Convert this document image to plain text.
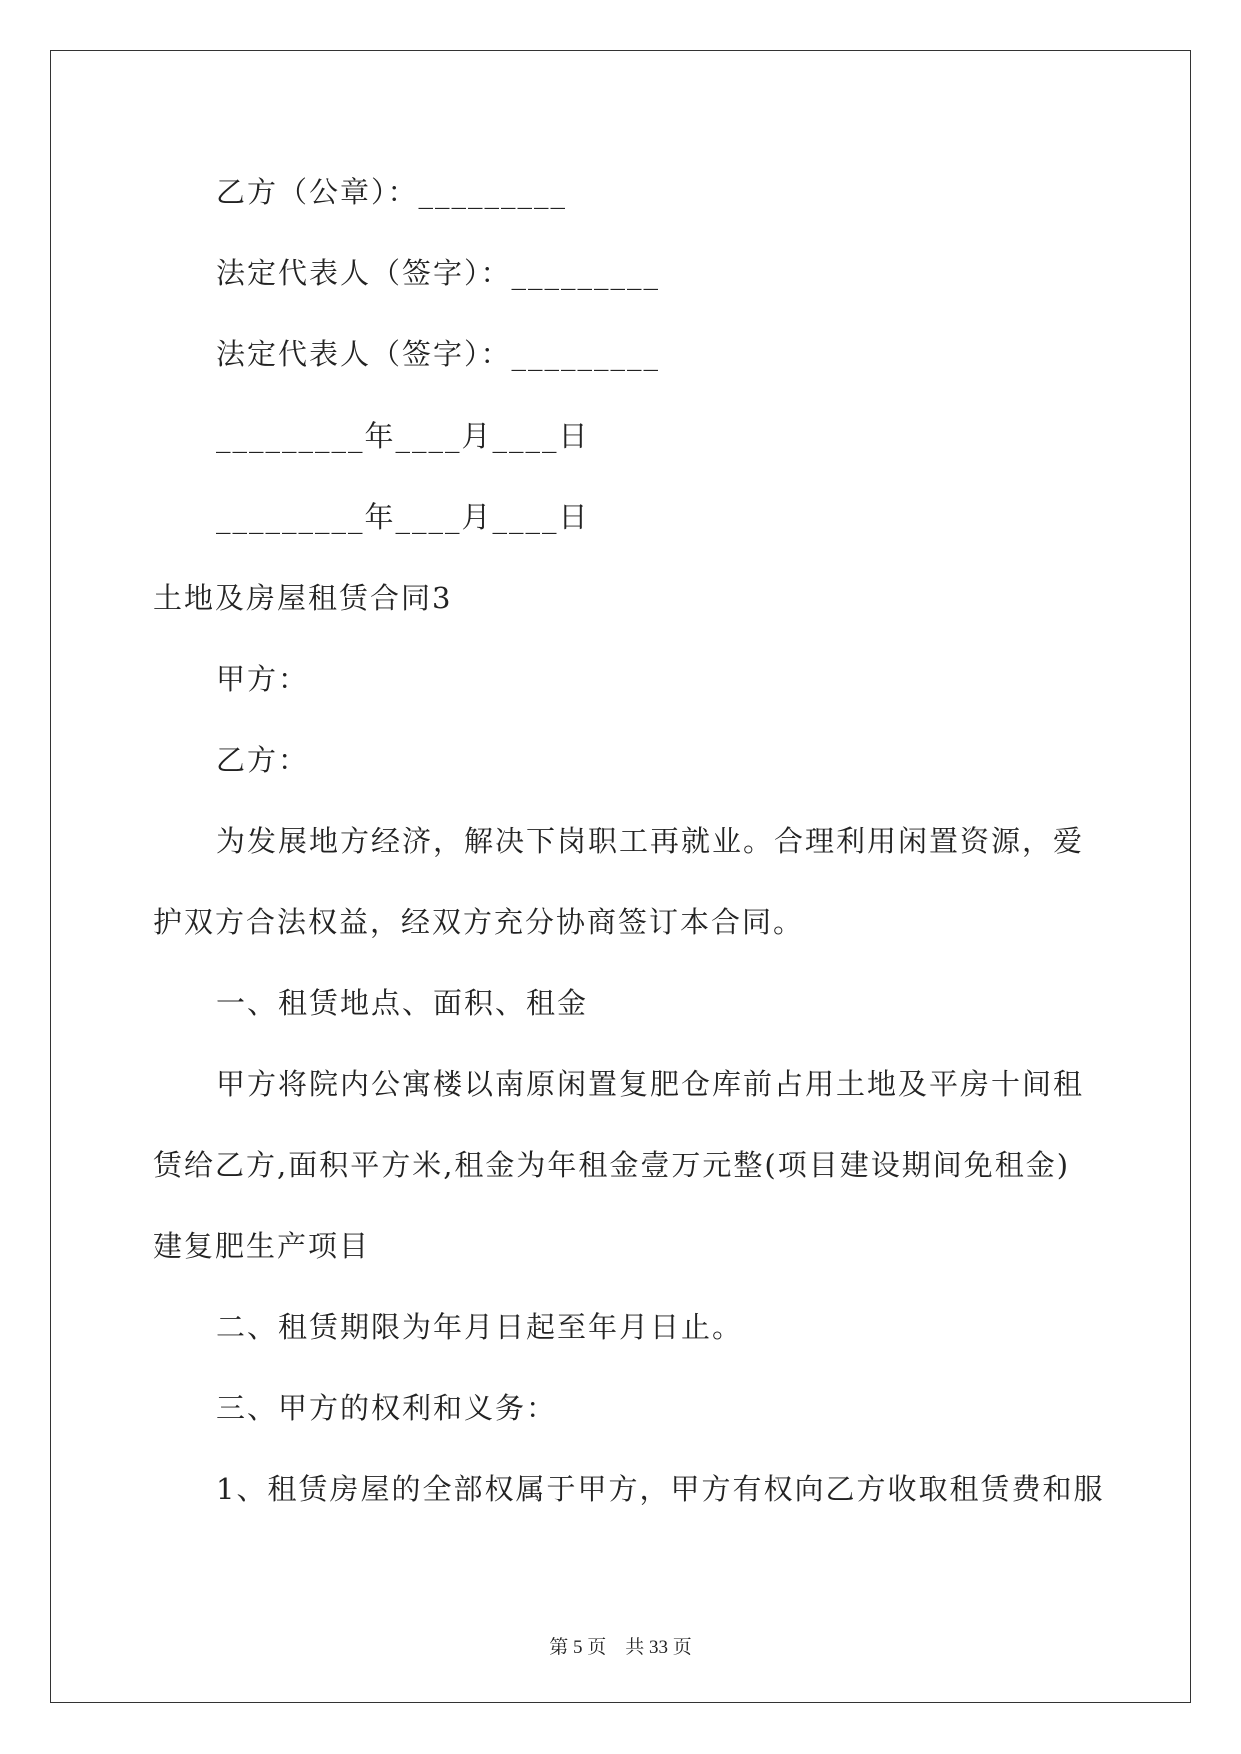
乙方（公章）：_________
法定代表人（签字）：_________
法定代表人（签字）：_________
_________年____月____日
_________年____月____日
土地及房屋租赁合同3
甲方：
乙方：
为发展地方经济，解决下岗职工再就业。合理利用闲置资源，爱
护双方合法权益，经双方充分协商签订本合同。
一、租赁地点、面积、租金
甲方将院内公寓楼以南原闲置复肥仓库前占用土地及平房十间租
赁给乙方,面积平方米,租金为年租金壹万元整(项目建设期间免租金)
建复肥生产项目
二、租赁期限为年月日起至年月日止。
三、甲方的权利和义务：
1、租赁房屋的全部权属于甲方，甲方有权向乙方收取租赁费和服
第 5 页    共 33 页
